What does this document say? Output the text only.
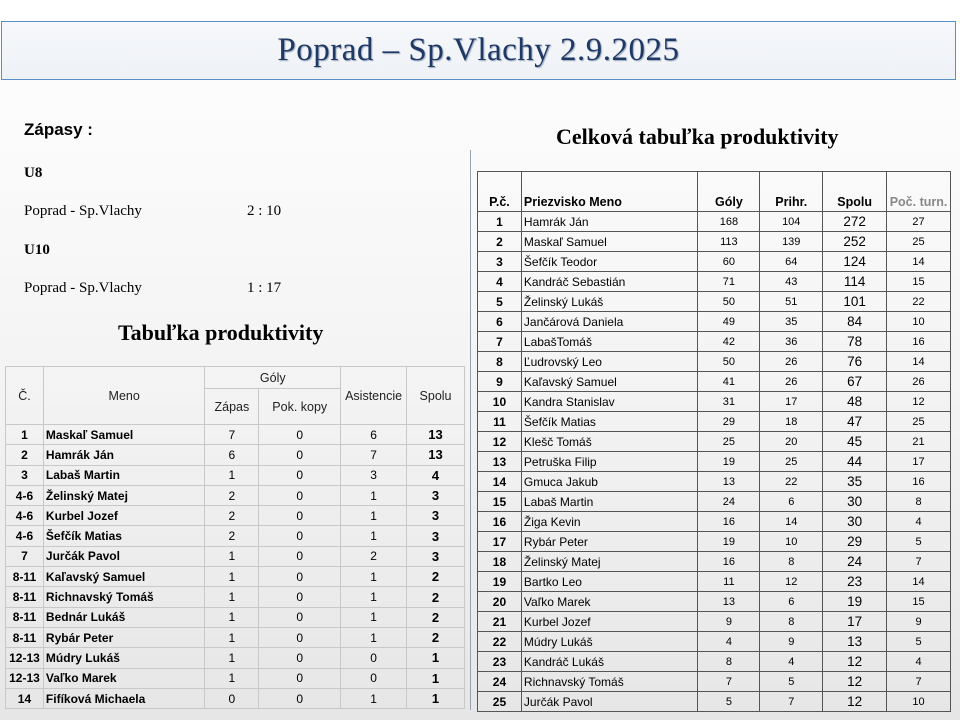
Poprad – Sp.Vlachy 2.9.2025
Zápasy :
U8
Poprad - Sp.Vlachy	2 : 10
U10
Poprad - Sp.Vlachy	1 : 17
Tabuľka produktivity
Celková tabuľka produktivity
Č.	Meno	Góly		Asistencie	Spolu
		Zápas	Pok. kopy		
1	Maskaľ Samuel	7	0	6	13
2	Hamrák Ján	6	0	7	13
3	Labaš Martin	1	0	3	4
4-6	Želinský Matej	2	0	1	3
4-6	Kurbel Jozef	2	0	1	3
4-6	Šefčík Matias	2	0	1	3
7	Jurčák Pavol	1	0	2	3
8-11	Kaľavský Samuel	1	0	1	2
8-11	Richnavský Tomáš	1	0	1	2
8-11	Bednár Lukáš	1	0	1	2
8-11	Rybár Peter	1	0	1	2
12-13	Múdry Lukáš	1	0	0	1
12-13	Vaľko Marek	1	0	0	1
14	Fifíková Michaela	0	0	1	1
P.č.	Priezvisko Meno	Góly	Prihr.	Spolu	Poč. turn.
1	Hamrák Ján	168	104	272	27
2	Maskaľ Samuel	113	139	252	25
3	Šefčík Teodor	60	64	124	14
4	Kandráč Sebastián	71	43	114	15
5	Želinský Lukáš	50	51	101	22
6	Jančárová Daniela	49	35	84	10
7	LabašTomáš	42	36	78	16
8	Ľudrovský Leo	50	26	76	14
9	Kaľavský Samuel	41	26	67	26
10	Kandra Stanislav	31	17	48	12
11	Šefčík Matias	29	18	47	25
12	Klešč Tomáš	25	20	45	21
13	Petruška Filip	19	25	44	17
14	Gmuca Jakub	13	22	35	16
15	Labaš Martin	24	6	30	8
16	Žiga Kevin	16	14	30	4
17	Rybár Peter	19	10	29	5
18	Želinský Matej	16	8	24	7
19	Bartko Leo	11	12	23	14
20	Vaľko Marek	13	6	19	15
21	Kurbel Jozef	9	8	17	9
22	Múdry Lukáš	4	9	13	5
23	Kandráč Lukáš	8	4	12	4
24	Richnavský Tomáš	7	5	12	7
25	Jurčák Pavol	5	7	12	10
